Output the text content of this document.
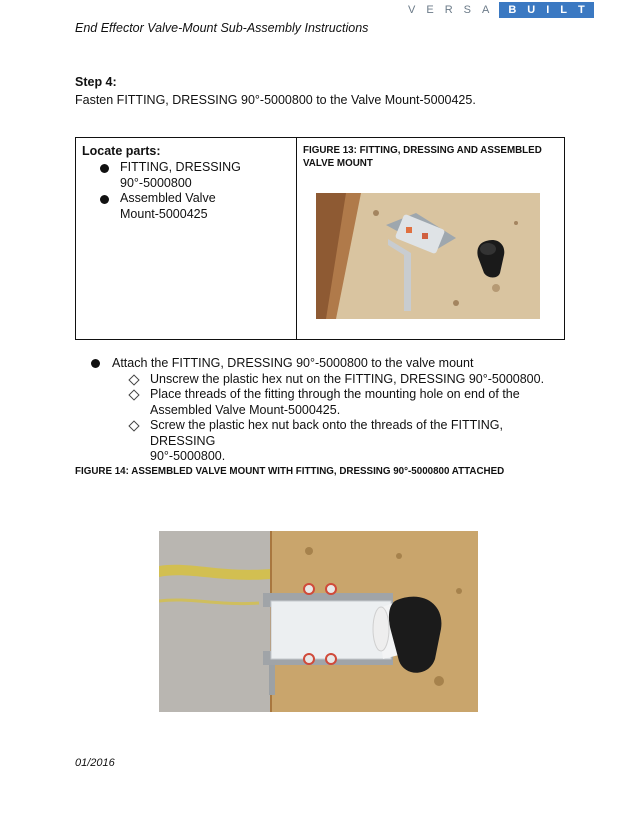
End Effector Valve-Mount Sub-Assembly Instructions
V E R S A B U I L T
Step 4:
Fasten FITTING, DRESSING 90°-5000800 to the Valve Mount-5000425.
Locate parts:
FITTING, DRESSING
90°-5000800
Assembled Valve
Mount-5000425
FIGURE 13: FITTING, DRESSING AND ASSEMBLED
VALVE MOUNT
Attach the FITTING, DRESSING 90°-5000800 to the valve mount
Unscrew the plastic hex nut on the FITTING, DRESSING 90°-5000800.
Place threads of the fitting through the mounting hole on end of the
Assembled Valve Mount-5000425.
Screw the plastic hex nut back onto the threads of the FITTING, DRESSING
90°-5000800.
FIGURE 14: ASSEMBLED VALVE MOUNT WITH FITTING, DRESSING 90°-5000800 ATTACHED
01/2016
